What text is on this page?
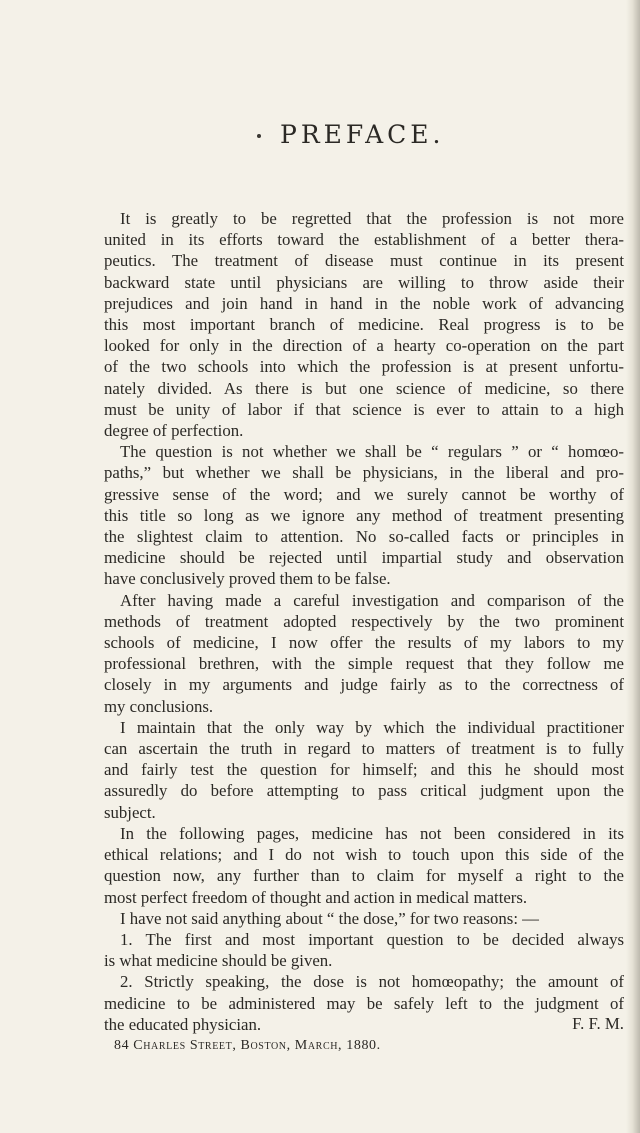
PREFACE.
It is greatly to be regretted that the profession is not more
united in its efforts toward the establishment of a better thera-
peutics. The treatment of disease must continue in its present
backward state until physicians are willing to throw aside their
prejudices and join hand in hand in the noble work of advancing
this most important branch of medicine. Real progress is to be
looked for only in the direction of a hearty co-operation on the part
of the two schools into which the profession is at present unfortu-
nately divided. As there is but one science of medicine, so there
must be unity of labor if that science is ever to attain to a high
degree of perfection.
The question is not whether we shall be “ regulars ” or “ homœo-
paths,” but whether we shall be physicians, in the liberal and pro-
gressive sense of the word; and we surely cannot be worthy of
this title so long as we ignore any method of treatment presenting
the slightest claim to attention. No so-called facts or principles in
medicine should be rejected until impartial study and observation
have conclusively proved them to be false.
After having made a careful investigation and comparison of the
methods of treatment adopted respectively by the two prominent
schools of medicine, I now offer the results of my labors to my
professional brethren, with the simple request that they follow me
closely in my arguments and judge fairly as to the correctness of
my conclusions.
I maintain that the only way by which the individual practitioner
can ascertain the truth in regard to matters of treatment is to fully
and fairly test the question for himself; and this he should most
assuredly do before attempting to pass critical judgment upon the
subject.
In the following pages, medicine has not been considered in its
ethical relations; and I do not wish to touch upon this side of the
question now, any further than to claim for myself a right to the
most perfect freedom of thought and action in medical matters.
I have not said anything about “ the dose,” for two reasons: —
1. The first and most important question to be decided always
is what medicine should be given.
2. Strictly speaking, the dose is not homœopathy; the amount of
medicine to be administered may be safely left to the judgment of
the educated physician.	F. F. M.
84 Charles Street, Boston, March, 1880.
